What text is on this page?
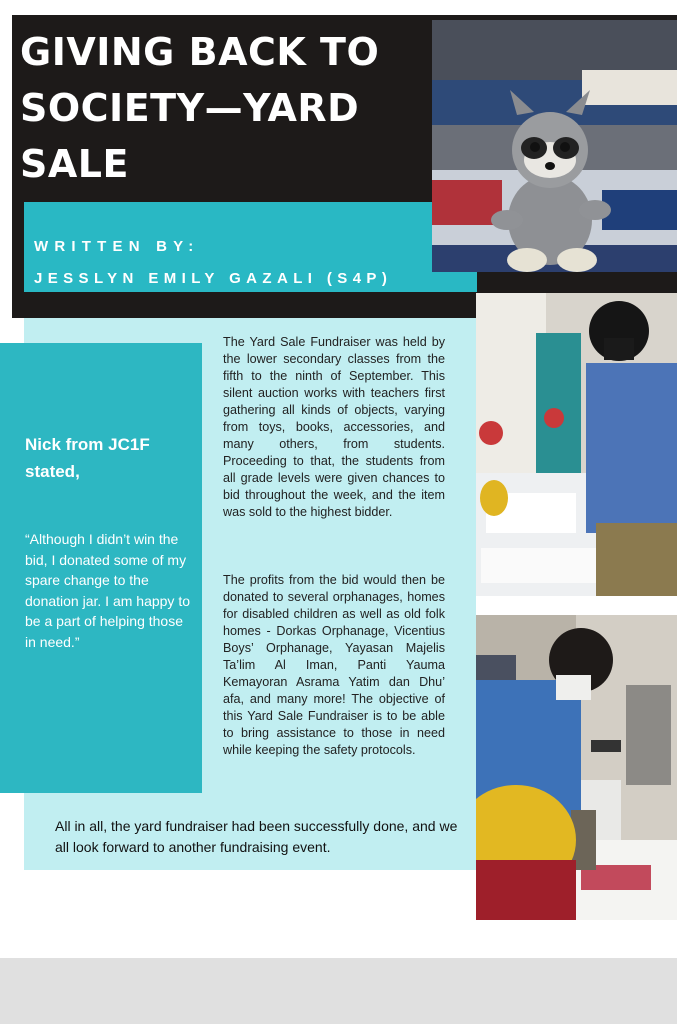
GIVING BACK TO
SOCIETY—YARD
SALE
WRITTEN BY:
JESSLYN EMILY GAZALI (S4P)
Nick from JC1F stated,
“Although I didn’t win the bid, I donated some of my spare change to the donation jar. I am happy to be a part of helping those in need.”

The Yard Sale Fundraiser was held by the lower secondary classes from the fifth to the ninth of September. This silent auction works with teachers first gathering all kinds of objects, varying from toys, books, accessories, and many others, from students. Proceeding to that, the students from all grade levels were given chances to bid throughout the week, and the item was sold to the highest bidder.

The profits from the bid would then be donated to several orphanages, homes for disabled children as well as old folk homes - Dorkas Orphanage, Vicentius Boys’ Orphanage, Yayasan Majelis Ta’lim Al Iman, Panti Yauma Kemayoran Asrama Yatim dan Dhu’ afa, and many more! The objective of this Yard Sale Fundraiser is to be able to bring assistance to those in need while keeping the safety protocols.

All in all, the yard fundraiser had been successfully done, and we all look forward to another fundraising event.
